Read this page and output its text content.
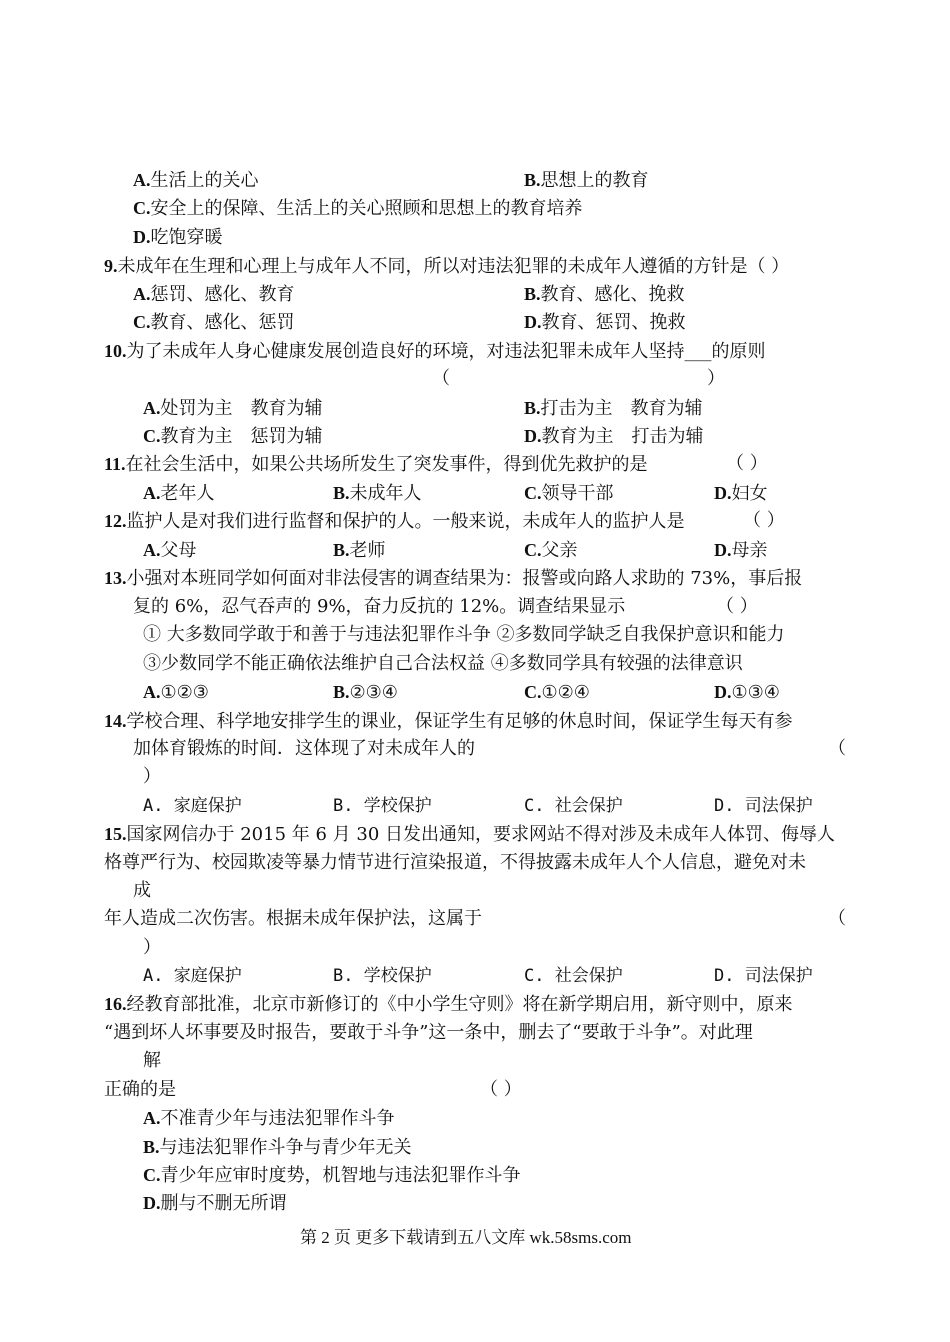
A.生活上的关心	B.思想上的教育
C.安全上的保障、生活上的关心照顾和思想上的教育培养
D.吃饱穿暖
9.未成年在生理和心理上与成年人不同，所以对违法犯罪的未成年人遵循的方针是（ ）
A.惩罚、感化、教育	B.教育、感化、挽救
C.教育、感化、惩罚	D.教育、惩罚、挽救
10.为了未成年人身心健康发展创造良好的环境，对违法犯罪未成年人坚持___的原则
（	）
A.处罚为主　教育为辅	B.打击为主　教育为辅
C.教育为主　惩罚为辅	D.教育为主　打击为辅
11.在社会生活中，如果公共场所发生了突发事件，得到优先救护的是	（ ）
A.老年人	B.未成年人	C.领导干部	D.妇女
12.监护人是对我们进行监督和保护的人。一般来说，未成年人的监护人是	（ ）
A.父母	B.老师	C.父亲	D.母亲
13.小强对本班同学如何面对非法侵害的调查结果为：报警或向路人求助的 73%，事后报
复的 6%，忍气吞声的 9%，奋力反抗的 12%。调查结果显示	（ ）
① 大多数同学敢于和善于与违法犯罪作斗争 ②多数同学缺乏自我保护意识和能力
③少数同学不能正确依法维护自己合法权益 ④多数同学具有较强的法律意识
A.①②③	B.②③④	C.①②④	D.①③④
14.学校合理、科学地安排学生的课业，保证学生有足够的休息时间，保证学生每天有参
加体育锻炼的时间．这体现了对未成年人的	（
）
A. 家庭保护	B. 学校保护	C. 社会保护	D. 司法保护
15.国家网信办于 2015 年 6 月 30 日发出通知，要求网站不得对涉及未成年人体罚、侮辱人
格尊严行为、校园欺凌等暴力情节进行渲染报道，不得披露未成年人个人信息，避免对未
成
年人造成二次伤害。根据未成年保护法，这属于	（
）
A. 家庭保护	B. 学校保护	C. 社会保护	D. 司法保护
16.经教育部批准，北京市新修订的《中小学生守则》将在新学期启用，新守则中，原来
“遇到坏人坏事要及时报告，要敢于斗争”这一条中，删去了“要敢于斗争”。对此理
解
正确的是	（ ）
A.不准青少年与违法犯罪作斗争
B.与违法犯罪作斗争与青少年无关
C.青少年应审时度势，机智地与违法犯罪作斗争
D.删与不删无所谓
第 2 页 更多下载请到五八文库 wk.58sms.com
